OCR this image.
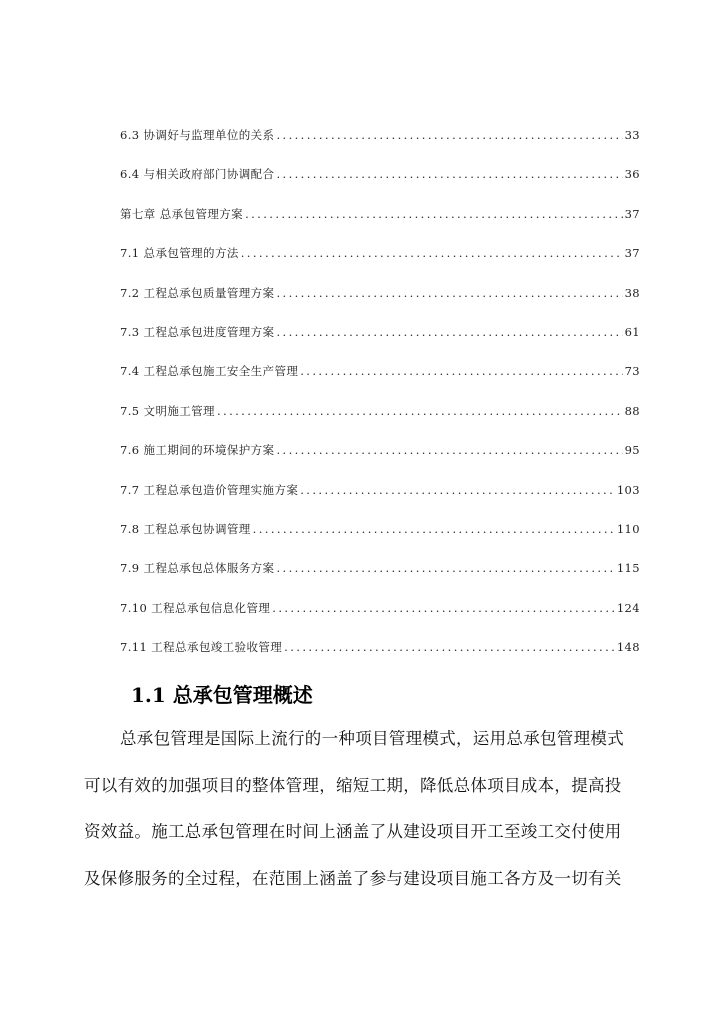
6.3 协调好与监理单位的关系 .....	33
6.4 与相关政府部门协调配合 .....	36
第七章 总承包管理方案 .....	37
7.1 总承包管理的方法 .....	37
7.2 工程总承包质量管理方案 .....	38
7.3 工程总承包进度管理方案 .....	61
7.4 工程总承包施工安全生产管理 .....	73
7.5 文明施工管理 .....	88
7.6 施工期间的环境保护方案 .....	95
7.7 工程总承包造价管理实施方案 .....	103
7.8 工程总承包协调管理 .....	110
7.9 工程总承包总体服务方案 .....	115
7.10 工程总承包信息化管理 .....	124
7.11 工程总承包竣工验收管理 .....	148
1.1 总承包管理概述
总承包管理是国际上流行的一种项目管理模式，运用总承包管理模式
可以有效的加强项目的整体管理，缩短工期，降低总体项目成本，提高投
资效益。施工总承包管理在时间上涵盖了从建设项目开工至竣工交付使用
及保修服务的全过程，在范围上涵盖了参与建设项目施工各方及一切有关
